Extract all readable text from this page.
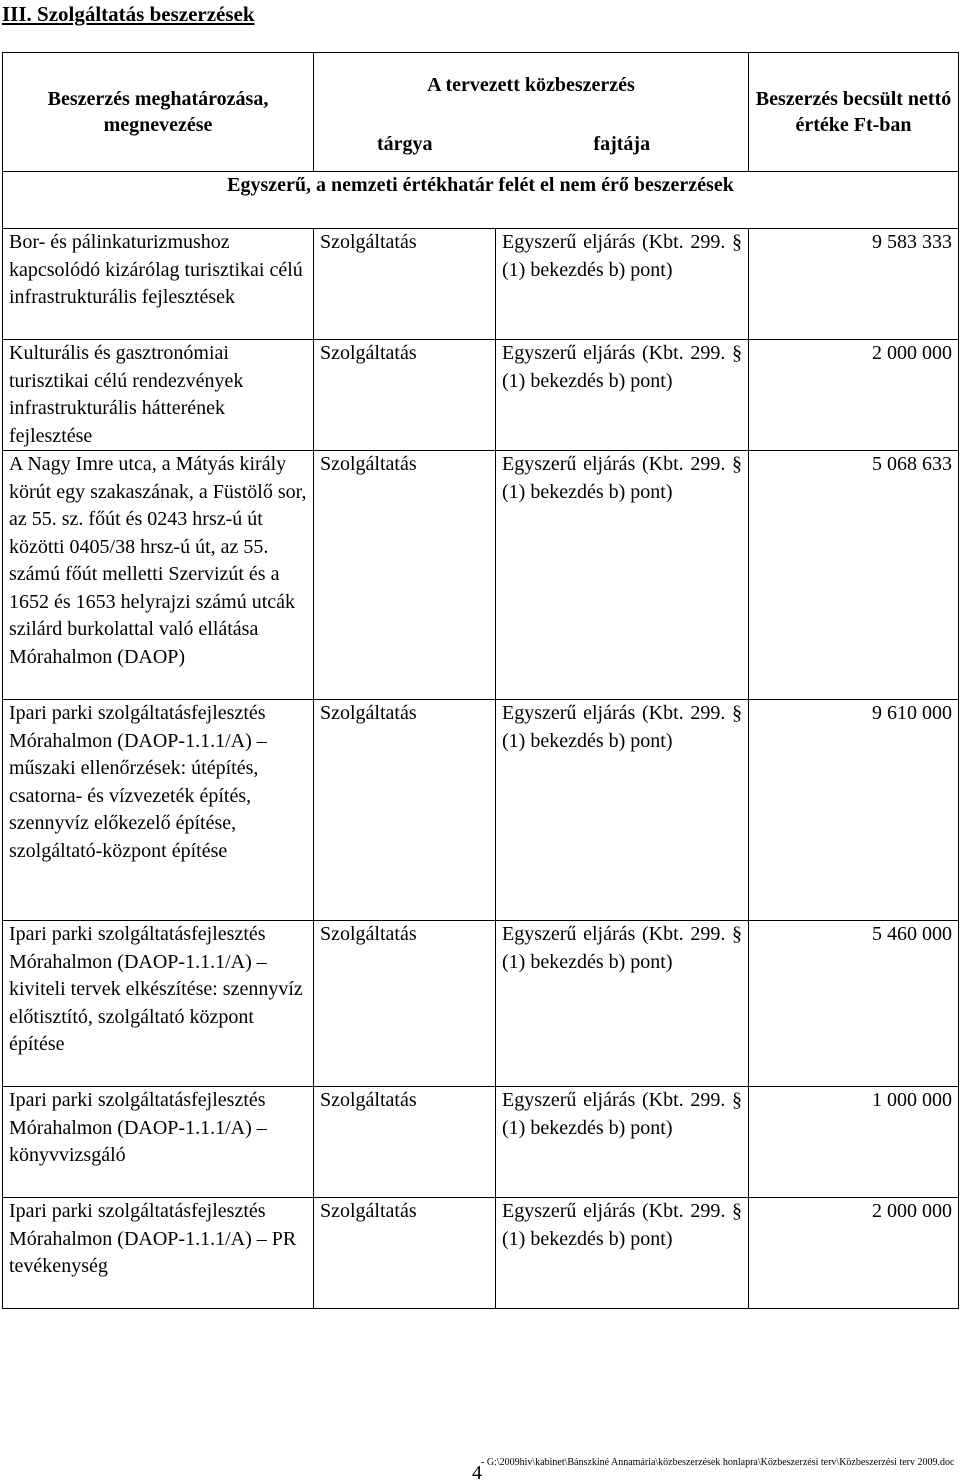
III. Szolgáltatás beszerzések
Beszerzés meghatározása, megnevezése	A tervezett közbeszerzés		Beszerzés becsült nettó értéke Ft-ban
	tárgya	fajtája	
Egyszerű, a nemzeti értékhatár felét el nem érő beszerzések			
Bor- és pálinkaturizmushoz kapcsolódó kizárólag turisztikai célú infrastrukturális fejlesztések	Szolgáltatás	Egyszerű eljárás (Kbt. 299. § (1) bekezdés b) pont)	9 583 333
Kulturális és gasztronómiai turisztikai célú rendezvények infrastrukturális hátterének fejlesztése	Szolgáltatás	Egyszerű eljárás (Kbt. 299. § (1) bekezdés b) pont)	2 000 000
A Nagy Imre utca, a Mátyás király körút egy szakaszának, a Füstölő sor, az 55. sz. főút és 0243 hrsz-ú út közötti 0405/38 hrsz-ú út, az 55. számú főút melletti Szervizút és a 1652 és 1653 helyrajzi számú utcák szilárd burkolattal való ellátása Mórahalmon (DAOP)	Szolgáltatás	Egyszerű eljárás (Kbt. 299. § (1) bekezdés b) pont)	5 068 633
Ipari parki szolgáltatásfejlesztés Mórahalmon (DAOP-1.1.1/A) – műszaki ellenőrzések: útépítés, csatorna- és vízvezeték építés, szennyvíz előkezelő építése, szolgáltató-központ építése	Szolgáltatás	Egyszerű eljárás (Kbt. 299. § (1) bekezdés b) pont)	9 610 000
Ipari parki szolgáltatásfejlesztés Mórahalmon (DAOP-1.1.1/A) – kiviteli tervek elkészítése: szennyvíz előtisztító, szolgáltató központ építése	Szolgáltatás	Egyszerű eljárás (Kbt. 299. § (1) bekezdés b) pont)	5 460 000
Ipari parki szolgáltatásfejlesztés Mórahalmon (DAOP-1.1.1/A) – könyvvizsgáló	Szolgáltatás	Egyszerű eljárás (Kbt. 299. § (1) bekezdés b) pont)	1 000 000
Ipari parki szolgáltatásfejlesztés Mórahalmon (DAOP-1.1.1/A) – PR tevékenység	Szolgáltatás	Egyszerű eljárás (Kbt. 299. § (1) bekezdés b) pont)	2 000 000
- G:\2009hiv\kabinet\Bánszkiné Annamária\közbeszerzések honlapra\Közbeszerzési terv\Közbeszerzési terv 2009.doc
4
